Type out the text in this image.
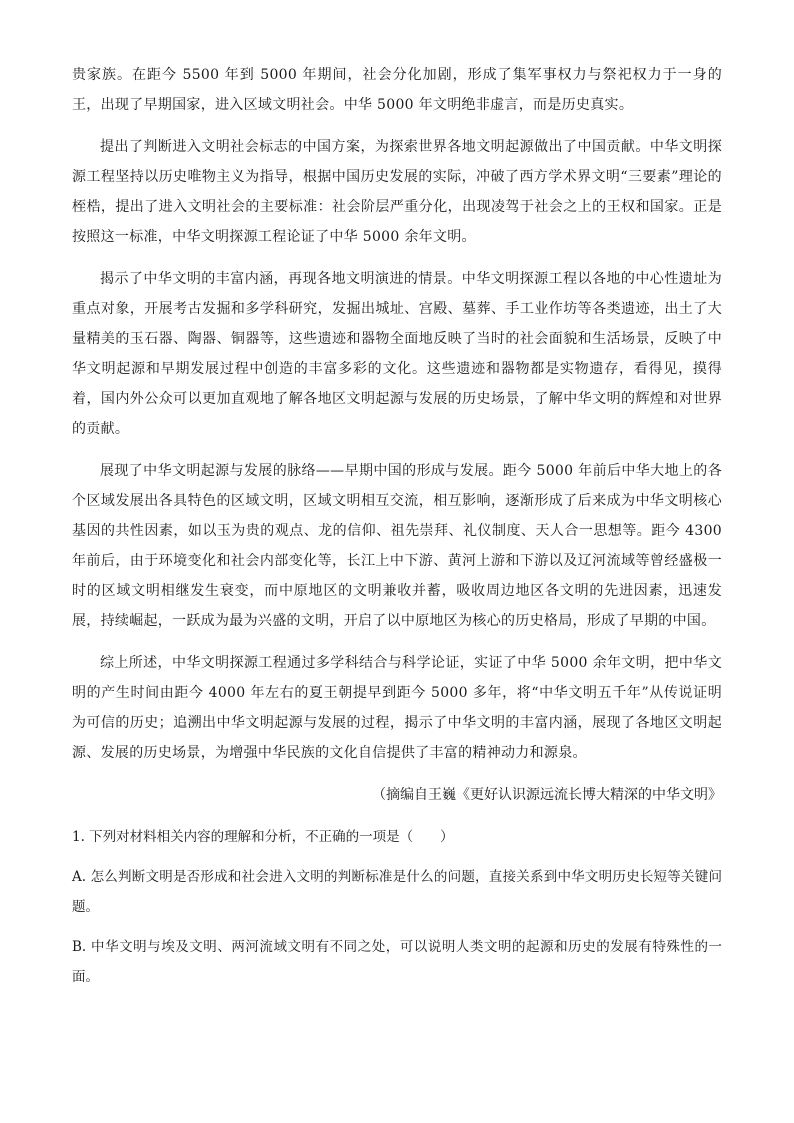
贵家族。在距今 5500 年到 5000 年期间，社会分化加剧，形成了集军事权力与祭祀权力于一身的王，出现了早期国家，进入区域文明社会。中华 5000 年文明绝非虚言，而是历史真实。

提出了判断进入文明社会标志的中国方案，为探索世界各地文明起源做出了中国贡献。中华文明探源工程坚持以历史唯物主义为指导，根据中国历史发展的实际，冲破了西方学术界文明“三要素”理论的桎梏，提出了进入文明社会的主要标准：社会阶层严重分化，出现凌驾于社会之上的王权和国家。正是按照这一标准，中华文明探源工程论证了中华 5000 余年文明。

揭示了中华文明的丰富内涵，再现各地文明演进的情景。中华文明探源工程以各地的中心性遗址为重点对象，开展考古发掘和多学科研究，发掘出城址、宫殿、墓葬、手工业作坊等各类遗迹，出土了大量精美的玉石器、陶器、铜器等，这些遗迹和器物全面地反映了当时的社会面貌和生活场景，反映了中华文明起源和早期发展过程中创造的丰富多彩的文化。这些遗迹和器物都是实物遗存，看得见，摸得着，国内外公众可以更加直观地了解各地区文明起源与发展的历史场景，了解中华文明的辉煌和对世界的贡献。

展现了中华文明起源与发展的脉络——早期中国的形成与发展。距今 5000 年前后中华大地上的各个区域发展出各具特色的区域文明，区域文明相互交流，相互影响，逐渐形成了后来成为中华文明核心基因的共性因素，如以玉为贵的观点、龙的信仰、祖先崇拜、礼仪制度、天人合一思想等。距今 4300 年前后，由于环境变化和社会内部变化等，长江上中下游、黄河上游和下游以及辽河流域等曾经盛极一时的区域文明相继发生衰变，而中原地区的文明兼收并蓄，吸收周边地区各文明的先进因素，迅速发展，持续崛起，一跃成为最为兴盛的文明，开启了以中原地区为核心的历史格局，形成了早期的中国。

综上所述，中华文明探源工程通过多学科结合与科学论证，实证了中华 5000 余年文明，把中华文明的产生时间由距今 4000 年左右的夏王朝提早到距今 5000 多年，将“中华文明五千年”从传说证明为可信的历史；追溯出中华文明起源与发展的过程，揭示了中华文明的丰富内涵，展现了各地区文明起源、发展的历史场景，为增强中华民族的文化自信提供了丰富的精神动力和源泉。

（摘编自王巍《更好认识源远流长博大精深的中华文明》

1. 下列对材料相关内容的理解和分析，不正确的一项是（　　）

A. 怎么判断文明是否形成和社会进入文明的判断标准是什么的问题，直接关系到中华文明历史长短等关键问题。

B. 中华文明与埃及文明、两河流域文明有不同之处，可以说明人类文明的起源和历史的发展有特殊性的一面。
